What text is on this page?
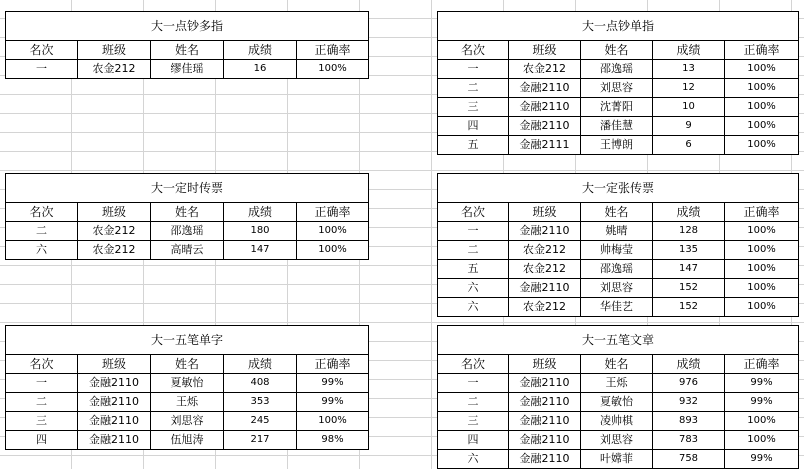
大一点钞多指				
名次	班级	姓名	成绩	正确率
一	农金212	缪佳瑶	16	100%
大一点钞单指				
名次	班级	姓名	成绩	正确率
一	农金212	邵逸瑶	13	100%
二	金融2110	刘思容	12	100%
三	金融2110	沈菁阳	10	100%
四	金融2110	潘佳慧	9	100%
五	金融2111	王博朗	6	100%
大一定时传票				
名次	班级	姓名	成绩	正确率
二	农金212	邵逸瑶	180	100%
六	农金212	高晴云	147	100%
大一定张传票				
名次	班级	姓名	成绩	正确率
一	金融2110	姚晴	128	100%
二	农金212	帅梅莹	135	100%
五	农金212	邵逸瑶	147	100%
六	金融2110	刘思容	152	100%
六	农金212	华佳艺	152	100%
大一五笔单字				
名次	班级	姓名	成绩	正确率
一	金融2110	夏敏怡	408	99%
二	金融2110	王烁	353	99%
三	金融2110	刘思容	245	100%
四	金融2110	伍旭涛	217	98%
大一五笔文章				
名次	班级	姓名	成绩	正确率
一	金融2110	王烁	976	99%
二	金融2110	夏敏怡	932	99%
三	金融2110	凌帅棋	893	100%
四	金融2110	刘思容	783	100%
六	金融2110	叶嫦菲	758	99%
